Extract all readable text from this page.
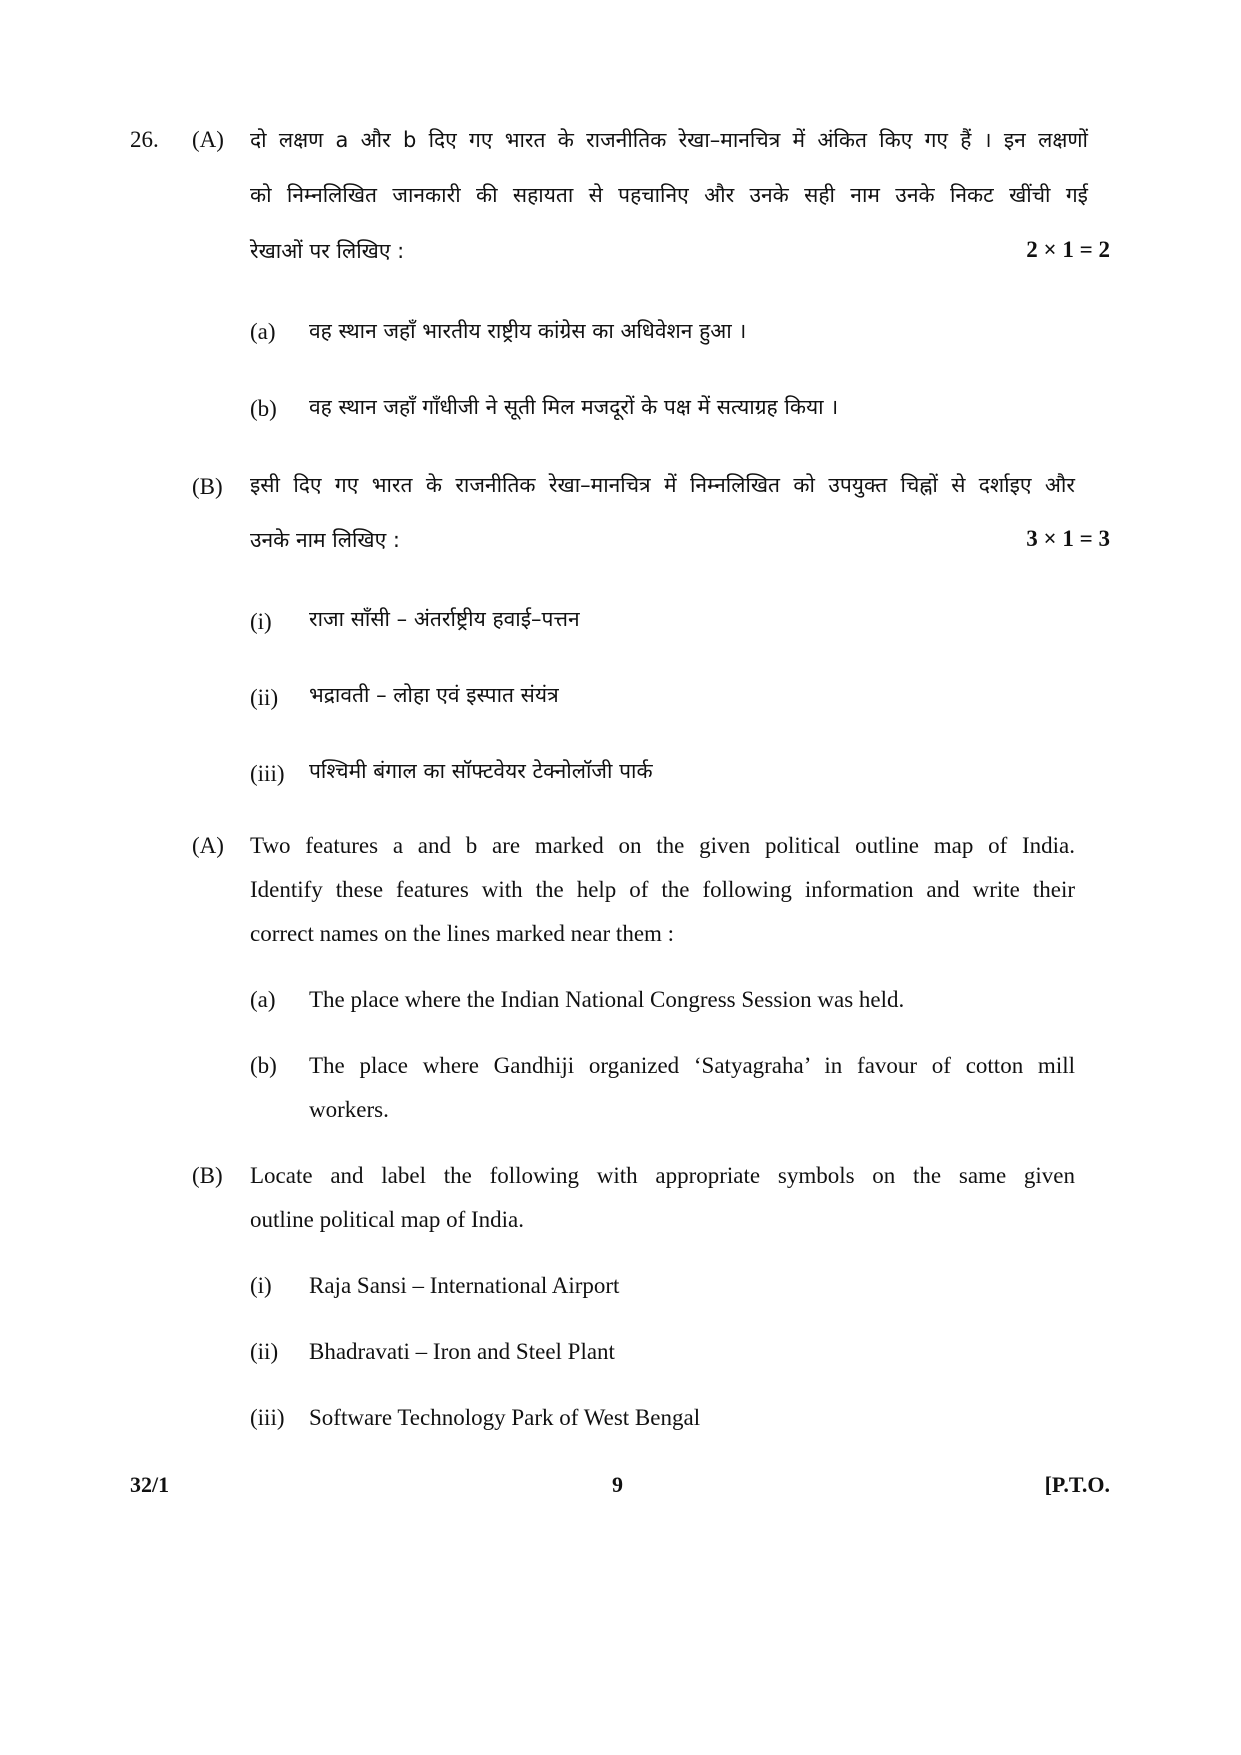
26. (A) दो लक्षण a और b दिए गए भारत के राजनीतिक रेखा–मानचित्र में अंकित किए गए हैं । इन लक्षणों
को निम्नलिखित जानकारी की सहायता से पहचानिए और उनके सही नाम उनके निकट खींची गई
रेखाओं पर लिखिए :	2 × 1 = 2
(a) वह स्थान जहाँ भारतीय राष्ट्रीय कांग्रेस का अधिवेशन हुआ ।
(b) वह स्थान जहाँ गाँधीजी ने सूती मिल मजदूरों के पक्ष में सत्याग्रह किया ।
(B) इसी दिए गए भारत के राजनीतिक रेखा–मानचित्र में निम्नलिखित को उपयुक्त चिह्नों से दर्शाइए और
उनके नाम लिखिए :	3 × 1 = 3
(i) राजा साँसी – अंतर्राष्ट्रीय हवाई–पत्तन
(ii) भद्रावती – लोहा एवं इस्पात संयंत्र
(iii) पश्चिमी बंगाल का सॉफ्टवेयर टेक्नोलॉजी पार्क
(A) Two features a and b are marked on the given political outline map of India.
Identify these features with the help of the following information and write their
correct names on the lines marked near them :
(a) The place where the Indian National Congress Session was held.
(b) The place where Gandhiji organized ‘Satyagraha’ in favour of cotton mill
workers.
(B) Locate and label the following with appropriate symbols on the same given
outline political map of India.
(i) Raja Sansi – International Airport
(ii) Bhadravati – Iron and Steel Plant
(iii) Software Technology Park of West Bengal
32/1	9	[P.T.O.
